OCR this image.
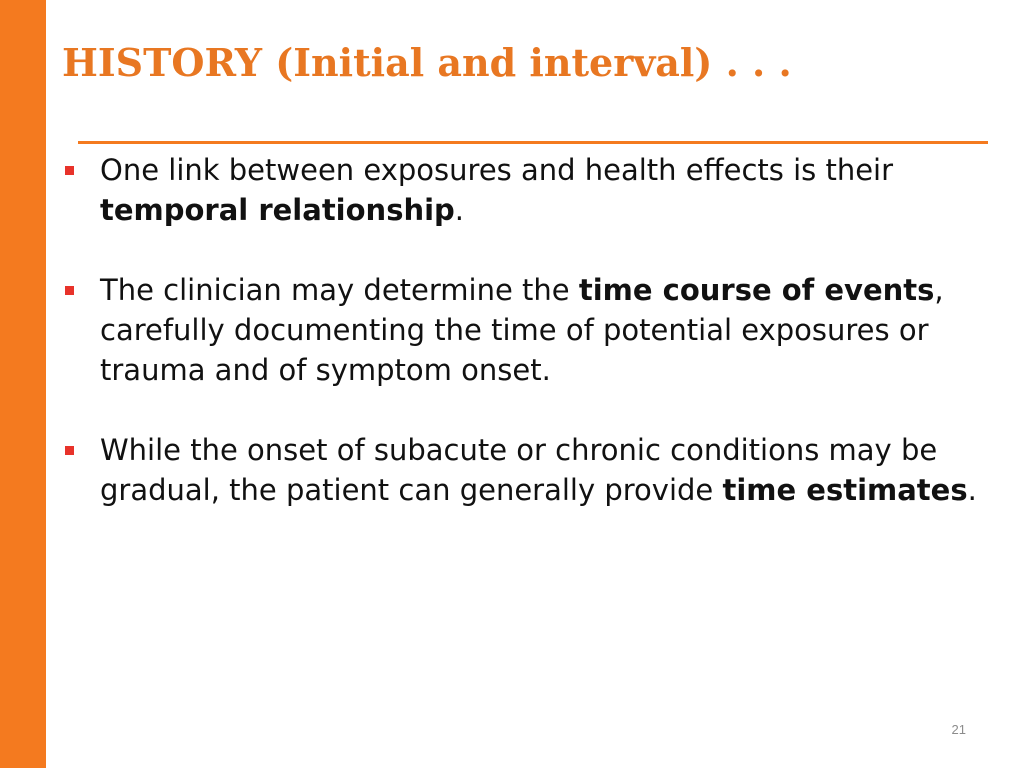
HISTORY (Initial and interval) . . .
One link between exposures and health effects is their temporal relationship.
The clinician may determine the time course of events, carefully documenting the time of potential exposures or trauma and of symptom onset.
While the onset of subacute or chronic conditions may be gradual, the patient can generally provide time estimates.
21
